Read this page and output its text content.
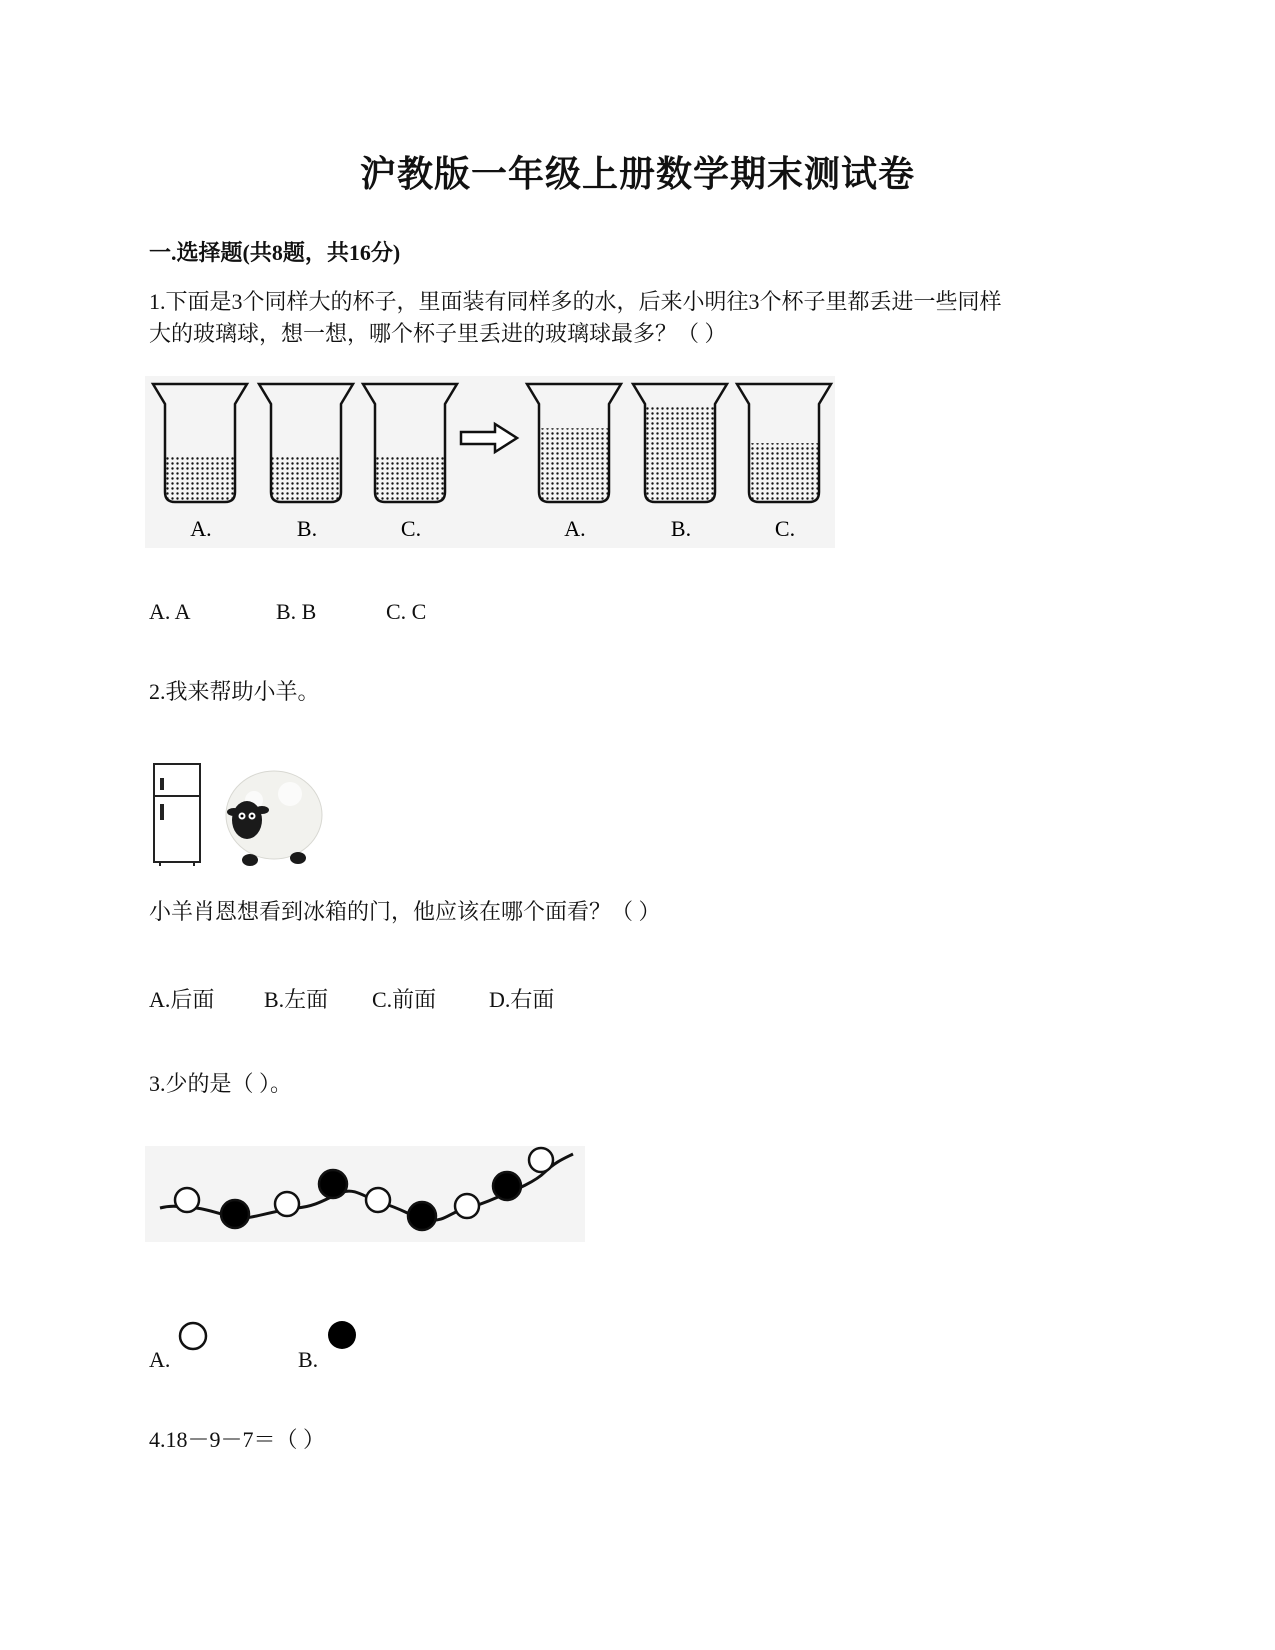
沪教版一年级上册数学期末测试卷
一.选择题(共8题，共16分)
1.下面是3个同样大的杯子，里面装有同样多的水，后来小明往3个杯子里都丢进一些同样
大的玻璃球，想一想，哪个杯子里丢进的玻璃球最多？（ ）
A.	B.	C.	A.	B.	C.
A. A	B. B	C. C
2.我来帮助小羊。
小羊肖恩想看到冰箱的门，他应该在哪个面看？（ ）
A.后面 B.左面 C.前面 D.右面
3.少的是（ ）。
A.	B.
4.18－9－7＝（ ）
